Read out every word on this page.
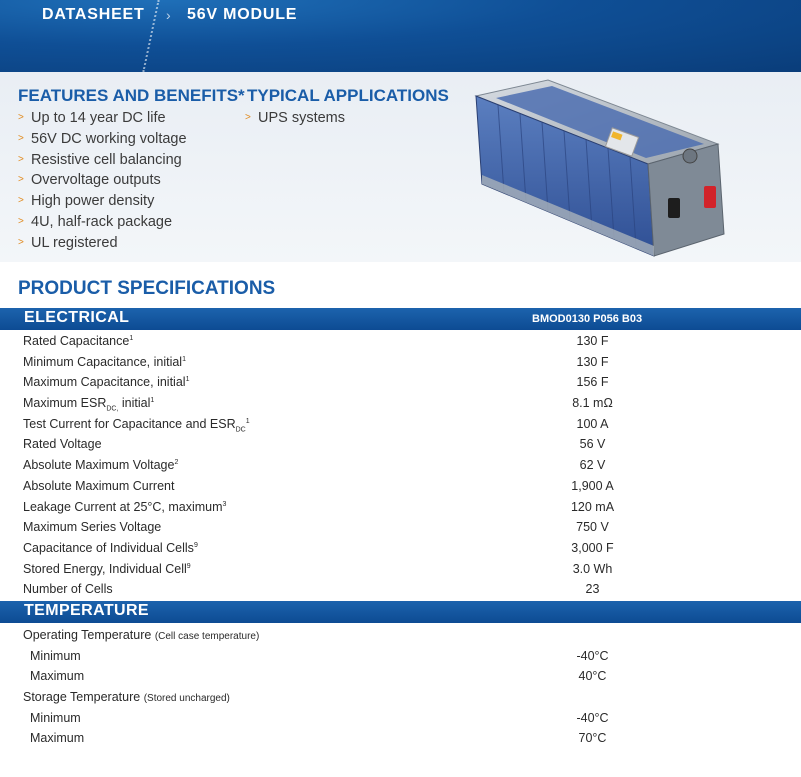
DATASHEET › 56V MODULE
FEATURES AND BENEFITS*
> Up to 14 year DC life
> 56V DC working voltage
> Resistive cell balancing
> Overvoltage outputs
> High power density
> 4U, half-rack package
> UL registered
TYPICAL APPLICATIONS
> UPS systems
PRODUCT SPECIFICATIONS
ELECTRICAL	BMOD0130 P056 B03
Rated Capacitance$^1$	130 F
Minimum Capacitance, initial$^1$	130 F
Maximum Capacitance, initial$^1$	156 F
Maximum $ESR_{DC,}$ initial$^1$	8.1 mΩ
Test Current for Capacitance and $ESR_{DC}^1$	100 A
Rated Voltage	56 V
Absolute Maximum Voltage$^2$	62 V
Absolute Maximum Current	1,900 A
Leakage Current at 25°C, maximum$^3$	120 mA
Maximum Series Voltage	750 V
Capacitance of Individual Cells$^9$	3,000 F
Stored Energy, Individual Cell$^9$	3.0 Wh
Number of Cells	23
TEMPERATURE
Operating Temperature (Cell case temperature)
Minimum	-40°C
Maximum	40°C
Storage Temperature (Stored uncharged)
Minimum	-40°C
Maximum	70°C
